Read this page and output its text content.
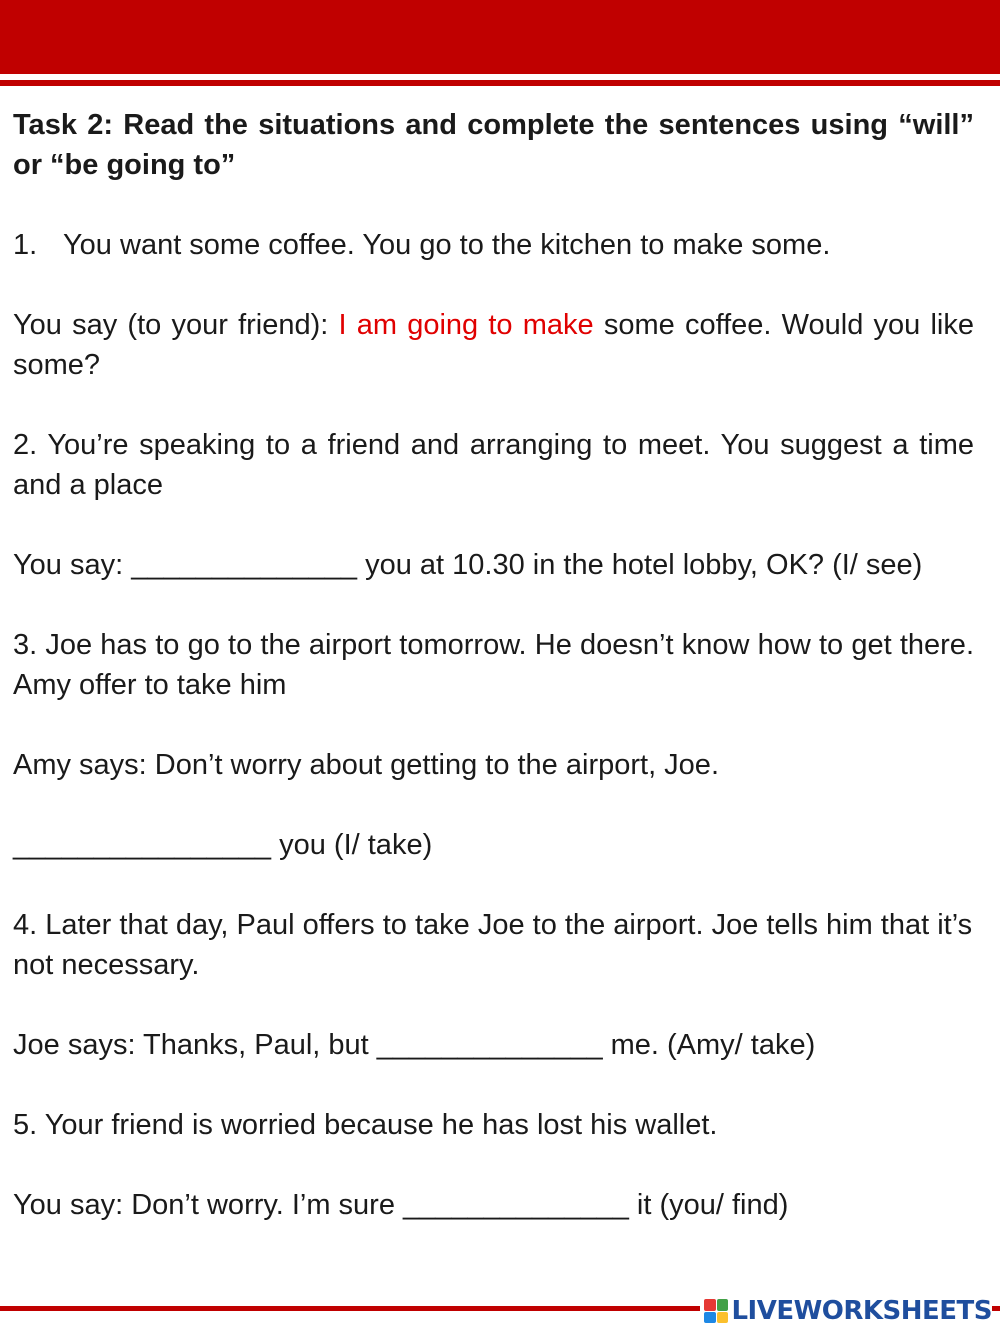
Task 2: Read the situations and complete the sentences using “will” or “be going to”

1. You want some coffee. You go to the kitchen to make some.

You say (to your friend): I am going to make some coffee. Would you like some?

2. You’re speaking to a friend and arranging to meet. You suggest a time and a place

You say: ______________ you at 10.30 in the hotel lobby, OK? (I/ see)

3. Joe has to go to the airport tomorrow. He doesn’t know how to get there. Amy offer to take him

Amy says: Don’t worry about getting to the airport, Joe.

________________ you (I/ take)

4. Later that day, Paul offers to take Joe to the airport. Joe tells him that it’s not necessary.

Joe says: Thanks, Paul, but ______________ me. (Amy/ take)

5. Your friend is worried because he has lost his wallet.

You say: Don’t worry. I’m sure ______________ it (you/ find)

LIVEWORKSHEETS
